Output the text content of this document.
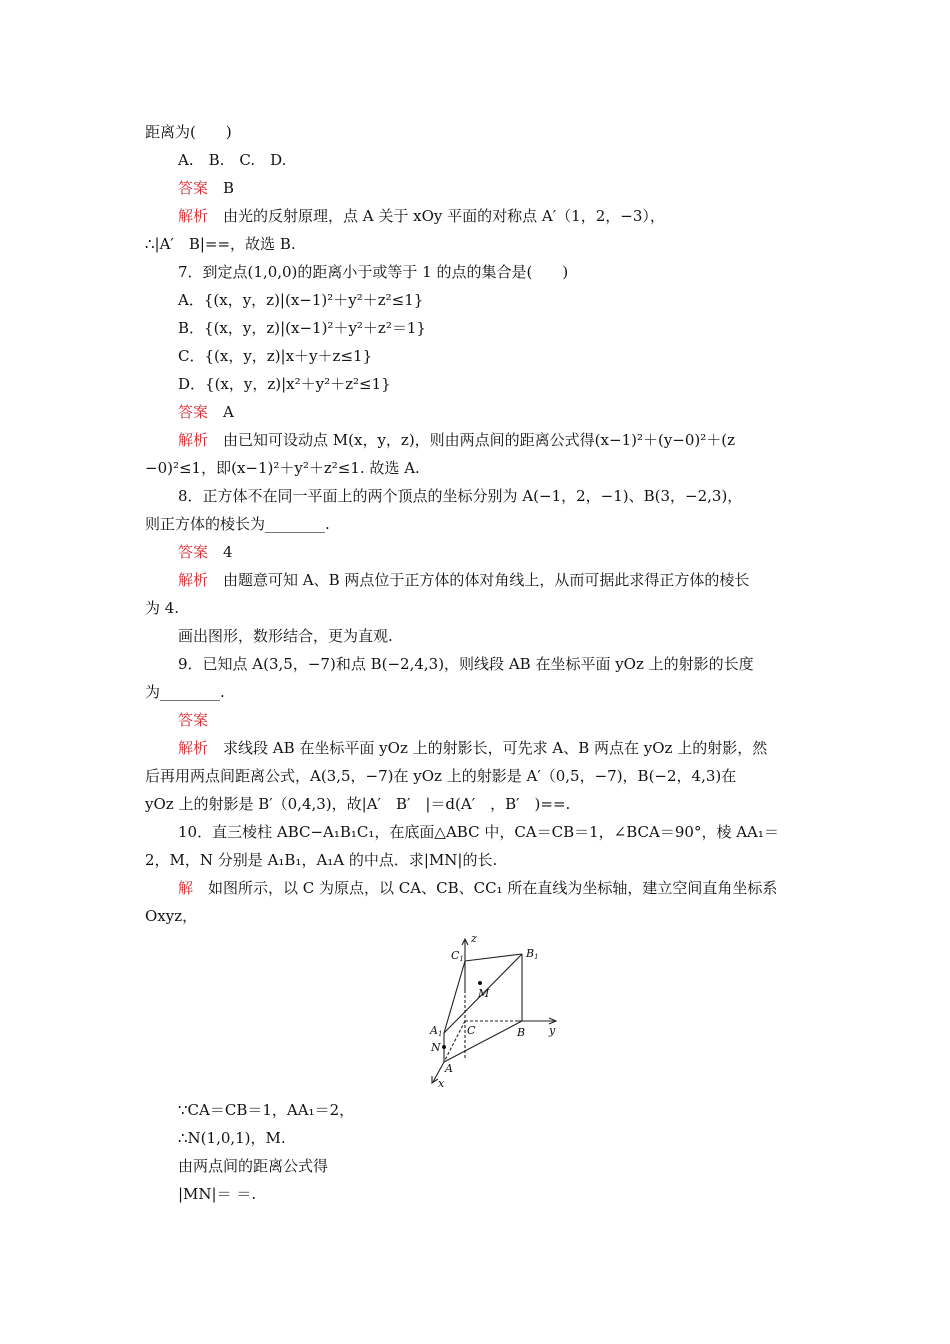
距离为(　　)
A.　B.　C.　D.
答案　B
解析　由光的反射原理，点 A 关于 xOy 平面的对称点 A′（1，2，−3），
∴|A′　B|==，故选 B.
7．到定点(1,0,0)的距离小于或等于 1 的点的集合是(　　)
A．{(x，y，z)|(x−1)²＋y²＋z²≤1}
B．{(x，y，z)|(x−1)²＋y²＋z²＝1}
C．{(x，y，z)|x＋y＋z≤1}
D．{(x，y，z)|x²＋y²＋z²≤1}
答案　A
解析　由已知可设动点 M(x，y，z)，则由两点间的距离公式得(x−1)²＋(y−0)²＋(z
−0)²≤1，即(x−1)²＋y²＋z²≤1. 故选 A.
8．正方体不在同一平面上的两个顶点的坐标分别为 A(−1，2，−1)、B(3，−2,3)，
则正方体的棱长为________.
答案　4
解析　由题意可知 A、B 两点位于正方体的体对角线上，从而可据此求得正方体的棱长
为 4.
画出图形，数形结合，更为直观.
9．已知点 A(3,5，−7)和点 B(−2,4,3)，则线段 AB 在坐标平面 yOz 上的射影的长度
为________.
答案
解析　求线段 AB 在坐标平面 yOz 上的射影长，可先求 A、B 两点在 yOz 上的射影，然
后再用两点间距离公式，A(3,5，−7)在 yOz 上的射影是 A′（0,5，−7)，B(−2，4,3)在
yOz 上的射影是 B′（0,4,3)，故|A′　B′　|＝d(A′　，B′　)==.
10．直三棱柱 ABC−A₁B₁C₁，在底面△ABC 中，CA＝CB＝1，∠BCA＝90°，棱 AA₁＝
2，M，N 分别是 A₁B₁，A₁A 的中点．求|MN|的长.
解　如图所示，以 C 为原点，以 CA、CB、CC₁ 所在直线为坐标轴，建立空间直角坐标系
Oxyz，
z
C1	B1
M
A1
N
C	B y
A
x
∵CA＝CB＝1，AA₁＝2，
∴N(1,0,1)，M.
由两点间的距离公式得
|MN|＝ ＝.
